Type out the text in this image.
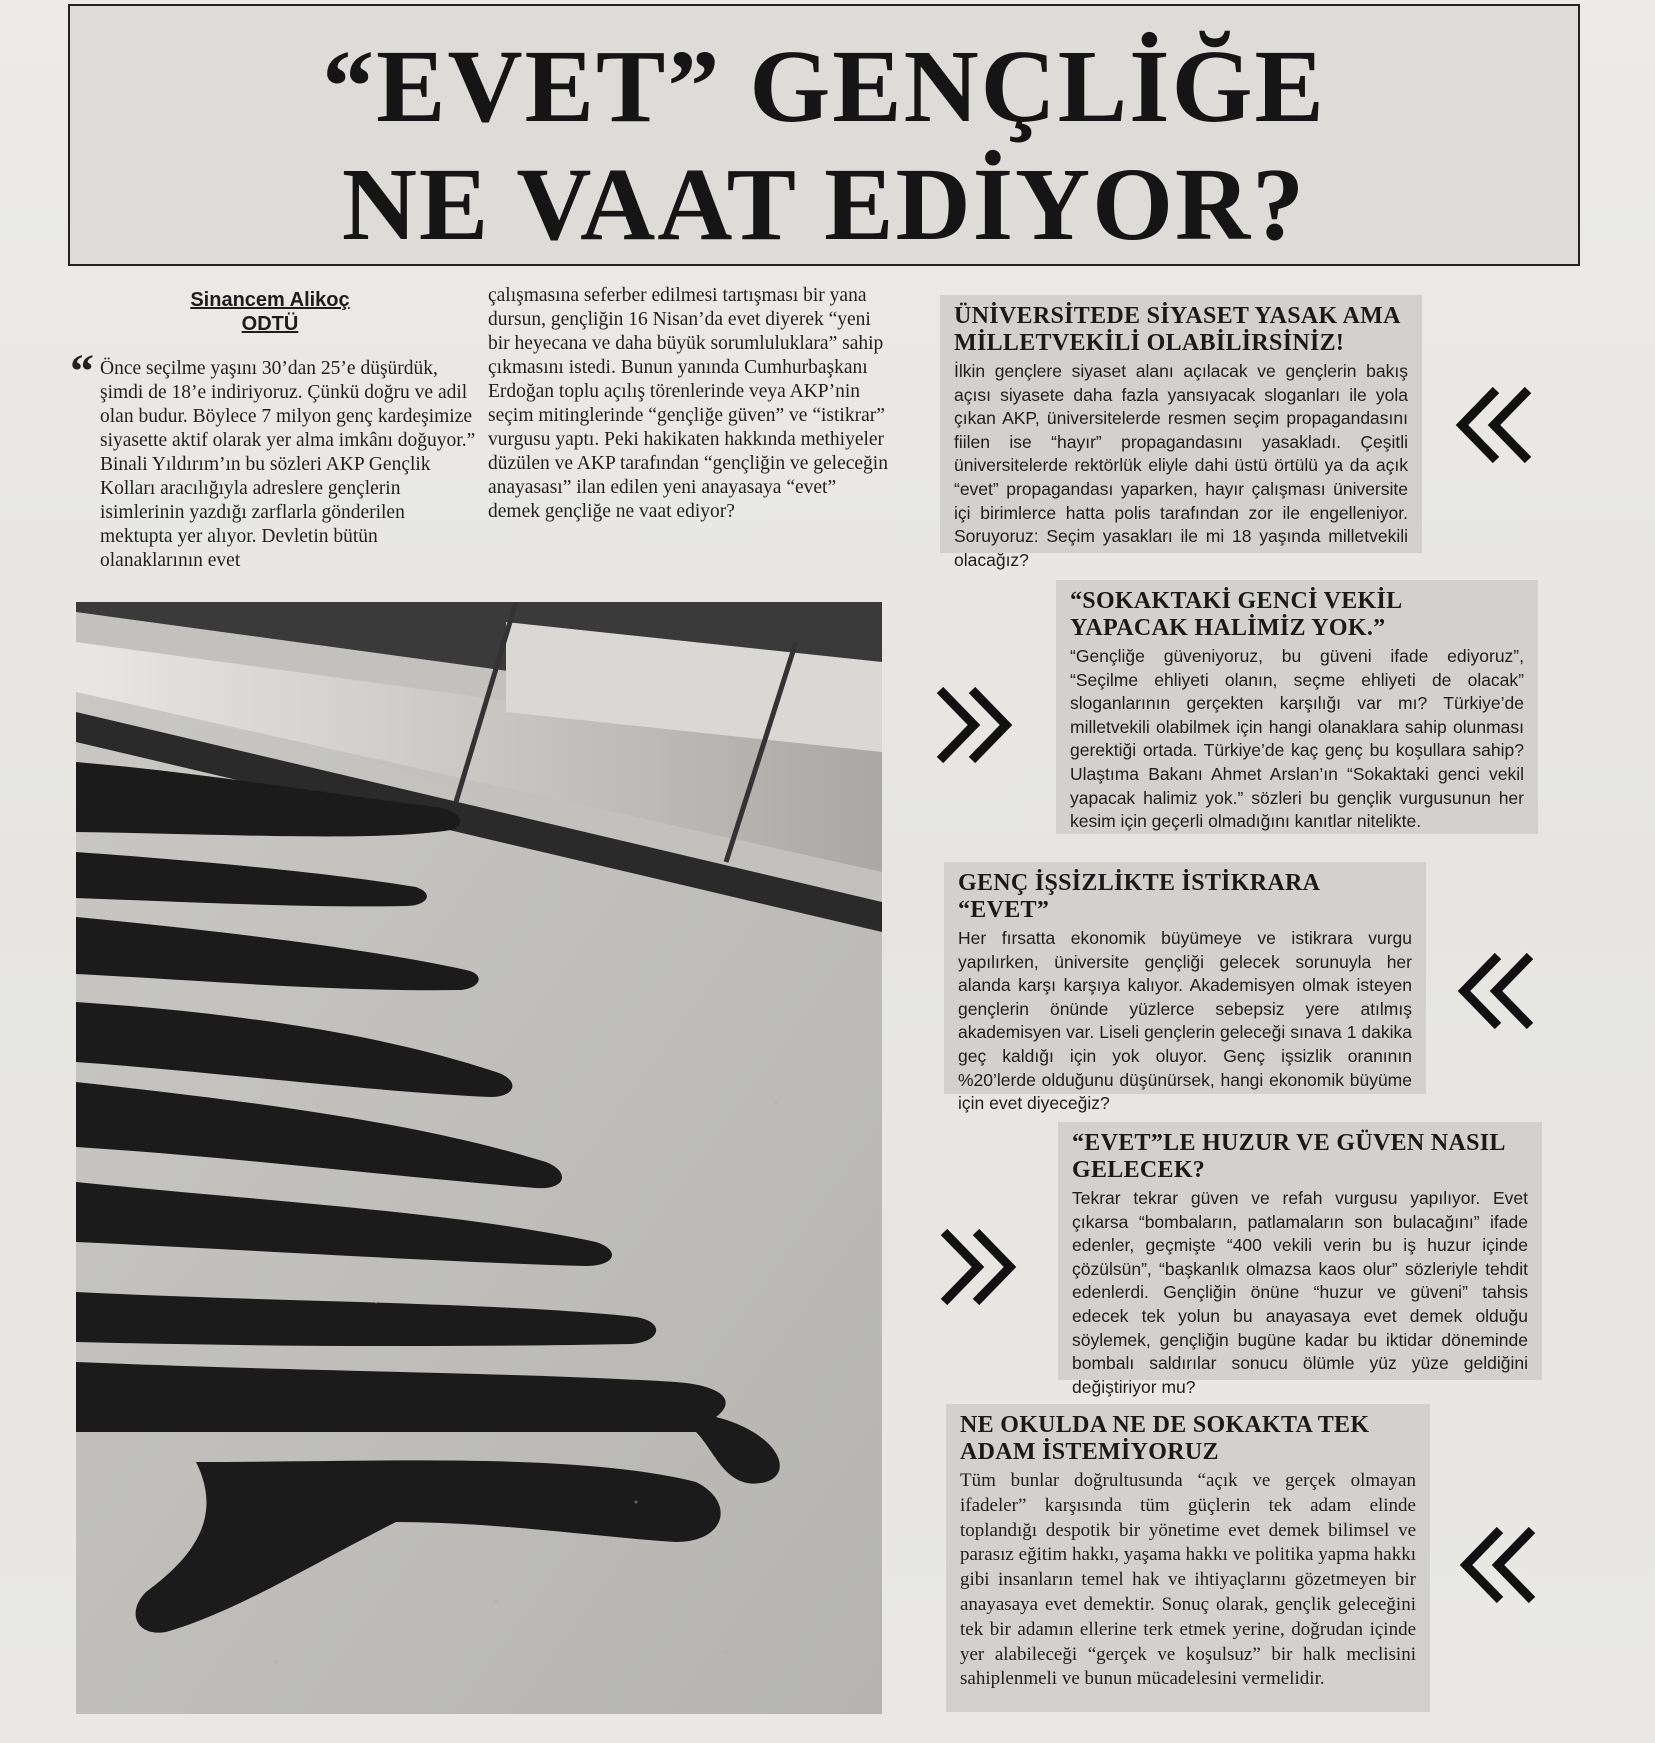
“EVET” GENÇLİĞE
NE VAAT EDİYOR?
Sinancem Alikoç
ODTÜ
“ Önce seçilme yaşını 30’dan 25’e düşürdük, şimdi de 18’e indiriyoruz. Çünkü doğru ve adil olan budur. Böylece 7 milyon genç kardeşimize siyasette aktif olarak yer alma imkânı doğuyor.” Binali Yıldırım’ın bu sözleri AKP Gençlik Kolları aracılığıyla adreslere gençlerin isimlerinin yazdığı zarflarla gönderilen mektupta yer alıyor. Devletin bütün olanaklarının evet
çalışmasına seferber edilmesi tartışması bir yana dursun, gençliğin 16 Nisan’da evet diyerek “yeni bir heyecana ve daha büyük sorumluluklara” sahip çıkmasını istedi. Bunun yanında Cumhurbaşkanı Erdoğan toplu açılış törenlerinde veya AKP’nin seçim mitinglerinde “gençliğe güven” ve “istikrar” vurgusu yaptı. Peki hakikaten hakkında methiyeler düzülen ve AKP tarafından “gençliğin ve geleceğin anayasası” ilan edilen yeni anayasaya “evet” demek gençliğe ne vaat ediyor?
ÜNİVERSİTEDE SİYASET YASAK AMA MİLLETVEKİLİ OLABİLİRSİNİZ!

İlkin gençlere siyaset alanı açılacak ve gençlerin bakış açısı siyasete daha fazla yansıyacak sloganları ile yola çıkan AKP, üniversitelerde resmen seçim propagandasını fiilen ise “hayır” propagandasını yasakladı. Çeşitli üniversitelerde rektörlük eliyle dahi üstü örtülü ya da açık “evet” propagandası yaparken, hayır çalışması üniversite içi birimlerce hatta polis tarafından zor ile engelleniyor. Soruyoruz: Seçim yasakları ile mi 18 yaşında milletvekili olacağız?

“SOKAKTAKİ GENCİ VEKİL YAPACAK HALİMİZ YOK.”

“Gençliğe güveniyoruz, bu güveni ifade ediyoruz”, “Seçilme ehliyeti olanın, seçme ehliyeti de olacak” sloganlarının gerçekten karşılığı var mı? Türkiye’de milletvekili olabilmek için hangi olanaklara sahip olunması gerektiği ortada. Türkiye’de kaç genç bu koşullara sahip? Ulaştıma Bakanı Ahmet Arslan’ın “Sokaktaki genci vekil yapacak halimiz yok.” sözleri bu gençlik vurgusunun her kesim için geçerli olmadığını kanıtlar nitelikte.

GENÇ İŞSİZLİKTE İSTİKRARA “EVET”

Her fırsatta ekonomik büyümeye ve istikrara vurgu yapılırken, üniversite gençliği gelecek sorunuyla her alanda karşı karşıya kalıyor. Akademisyen olmak isteyen gençlerin önünde yüzlerce sebepsiz yere atılmış akademisyen var. Liseli gençlerin geleceği sınava 1 dakika geç kaldığı için yok oluyor. Genç işsizlik oranının %20’lerde olduğunu düşünürsek, hangi ekonomik büyüme için evet diyeceğiz?

“EVET”LE HUZUR VE GÜVEN NASIL GELECEK?

Tekrar tekrar güven ve refah vurgusu yapılıyor. Evet çıkarsa “bombaların, patlamaların son bulacağını” ifade edenler, geçmişte “400 vekili verin bu iş huzur içinde çözülsün”, “başkanlık olmazsa kaos olur” sözleriyle tehdit edenlerdi. Gençliğin önüne “huzur ve güveni” tahsis edecek tek yolun bu anayasaya evet demek olduğu söylemek, gençliğin bugüne kadar bu iktidar döneminde bombalı saldırılar sonucu ölümle yüz yüze geldiğini değiştiriyor mu?

NE OKULDA NE DE SOKAKTA TEK ADAM İSTEMİYORUZ

Tüm bunlar doğrultusunda “açık ve gerçek olmayan ifadeler” karşısında tüm güçlerin tek adam elinde toplandığı despotik bir yönetime evet demek bilimsel ve parasız eğitim hakkı, yaşama hakkı ve politika yapma hakkı gibi insanların temel hak ve ihtiyaçlarını gözetmeyen bir anayasaya evet demektir. Sonuç olarak, gençlik geleceğini tek bir adamın ellerine terk etmek yerine, doğrudan içinde yer alabileceği “gerçek ve koşulsuz” bir halk meclisini sahiplenmeli ve bunun mücadelesini vermelidir.
